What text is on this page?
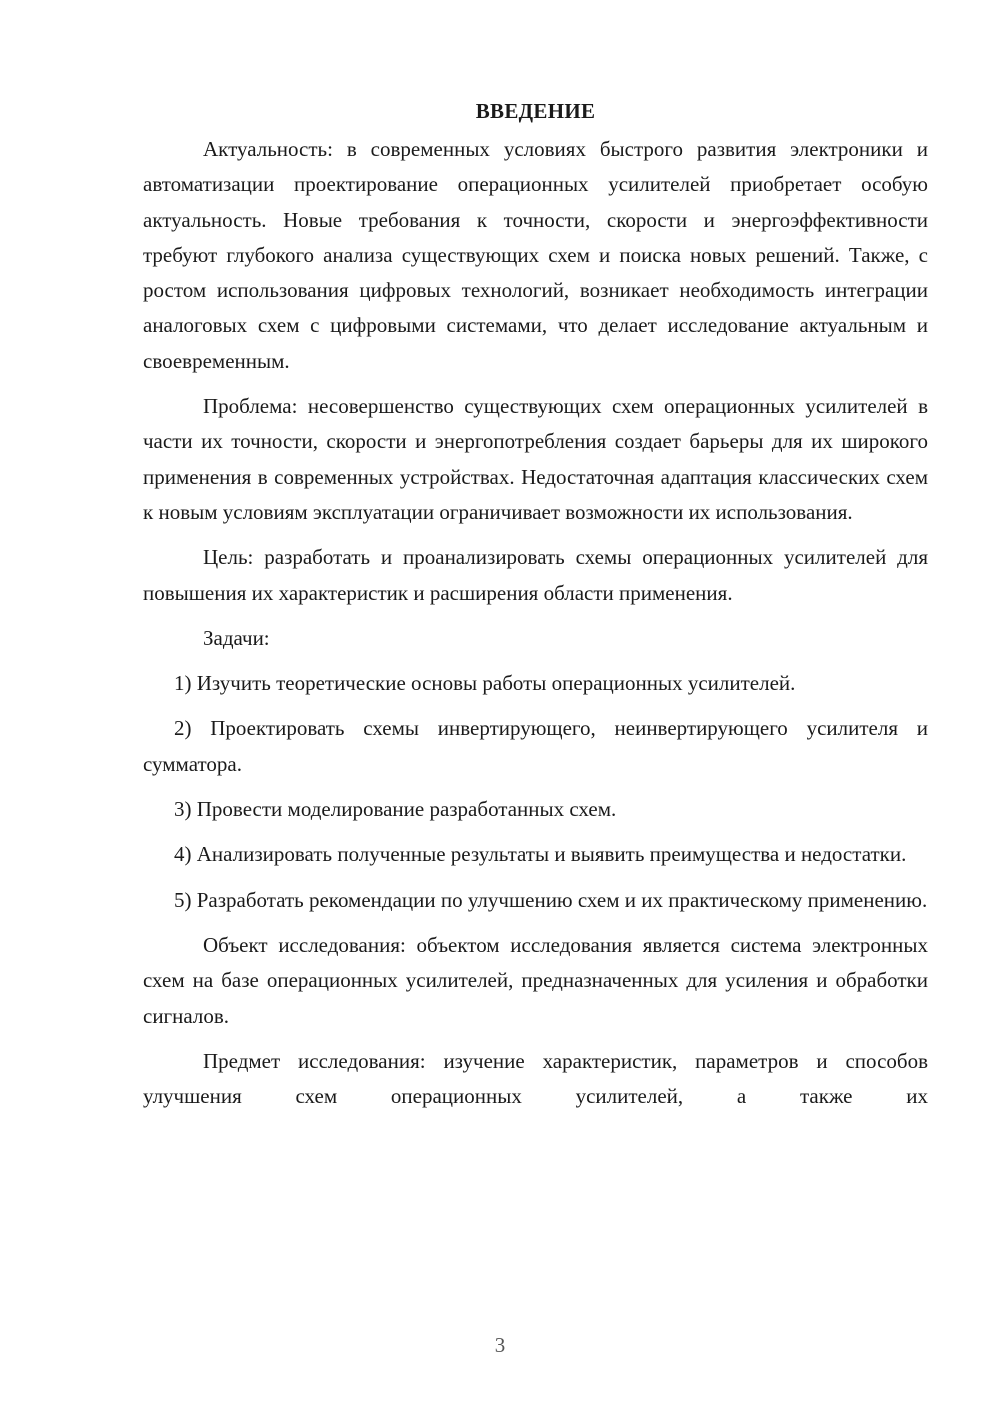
ВВЕДЕНИЕ

Актуальность: в современных условиях быстрого развития электроники и автоматизации проектирование операционных усилителей приобретает особую актуальность. Новые требования к точности, скорости и энергоэффективности требуют глубокого анализа существующих схем и поиска новых решений. Также, с ростом использования цифровых технологий, возникает необходимость интеграции аналоговых схем с цифровыми системами, что делает исследование актуальным и своевременным.

Проблема: несовершенство существующих схем операционных усилителей в части их точности, скорости и энергопотребления создает барьеры для их широкого применения в современных устройствах. Недостаточная адаптация классических схем к новым условиям эксплуатации ограничивает возможности их использования.

Цель: разработать и проанализировать схемы операционных усилителей для повышения их характеристик и расширения области применения.

Задачи:

1) Изучить теоретические основы работы операционных усилителей.

2) Проектировать схемы инвертирующего, неинвертирующего усилителя и сумматора.

3) Провести моделирование разработанных схем.

4) Анализировать полученные результаты и выявить преимущества и недостатки.

5) Разработать рекомендации по улучшению схем и их практическому применению.

Объект исследования: объектом исследования является система электронных схем на базе операционных усилителей, предназначенных для усиления и обработки сигналов.

Предмет исследования: изучение характеристик, параметров и способов улучшения схем операционных усилителей, а также их

3
